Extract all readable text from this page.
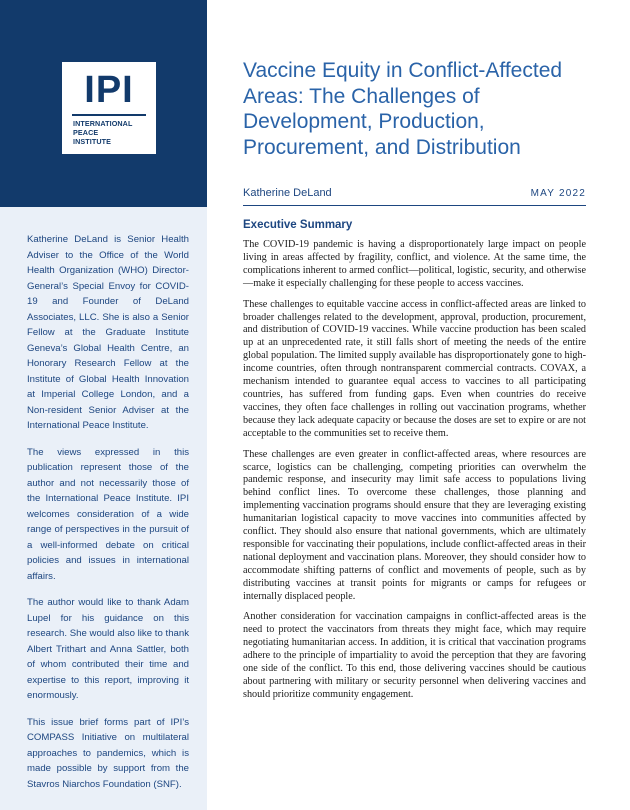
IPI
INTERNATIONAL
PEACE
INSTITUTE

Katherine DeLand is Senior Health Adviser to the Office of the World Health Organization (WHO) Director-General’s Special Envoy for COVID-19 and Founder of DeLand Associates, LLC. She is also a Senior Fellow at the Graduate Institute Geneva’s Global Health Centre, an Honorary Research Fellow at the Institute of Global Health Innovation at Imperial College London, and a Non-resident Senior Adviser at the International Peace Institute.

The views expressed in this publication represent those of the author and not necessarily those of the International Peace Institute. IPI welcomes consideration of a wide range of perspectives in the pursuit of a well-informed debate on critical policies and issues in international affairs.

The author would like to thank Adam Lupel for his guidance on this research. She would also like to thank Albert Trithart and Anna Sattler, both of whom contributed their time and expertise to this report, improving it enormously.

This issue brief forms part of IPI’s COMPASS Initiative on multilateral approaches to pandemics, which is made possible by support from the Stavros Niarchos Foundation (SNF).

Vaccine Equity in Conflict-Affected Areas: The Challenges of Development, Production, Procurement, and Distribution
Katherine DeLand	MAY 2022
Executive Summary

The COVID-19 pandemic is having a disproportionately large impact on people living in areas affected by fragility, conflict, and violence. At the same time, the complications inherent to armed conflict—political, logistic, security, and otherwise—make it especially challenging for these people to access vaccines.

These challenges to equitable vaccine access in conflict-affected areas are linked to broader challenges related to the development, approval, production, procurement, and distribution of COVID-19 vaccines. While vaccine production has been scaled up at an unprecedented rate, it still falls short of meeting the needs of the entire global population. The limited supply available has disproportionately gone to high-income countries, often through nontransparent commercial contracts. COVAX, a mechanism intended to guarantee equal access to vaccines to all participating countries, has suffered from funding gaps. Even when countries do receive vaccines, they often face challenges in rolling out vaccination programs, whether because they lack adequate capacity or because the doses are set to expire or are not acceptable to the communities set to receive them.

These challenges are even greater in conflict-affected areas, where resources are scarce, logistics can be challenging, competing priorities can overwhelm the pandemic response, and insecurity may limit safe access to populations living behind conflict lines. To overcome these challenges, those planning and implementing vaccination programs should ensure that they are leveraging existing humanitarian logistical capacity to move vaccines into communities affected by conflict. They should also ensure that national governments, which are ultimately responsible for vaccinating their populations, include conflict-affected areas in their national deployment and vaccination plans. Moreover, they should consider how to accommodate shifting patterns of conflict and movements of people, such as by distributing vaccines at transit points for migrants or camps for refugees or internally displaced people.

Another consideration for vaccination campaigns in conflict-affected areas is the need to protect the vaccinators from threats they might face, which may require negotiating humanitarian access. In addition, it is critical that vaccination programs adhere to the principle of impartiality to avoid the perception that they are favoring one side of the conflict. To this end, those delivering vaccines should be cautious about partnering with military or security personnel when delivering vaccines and should prioritize community engagement.
